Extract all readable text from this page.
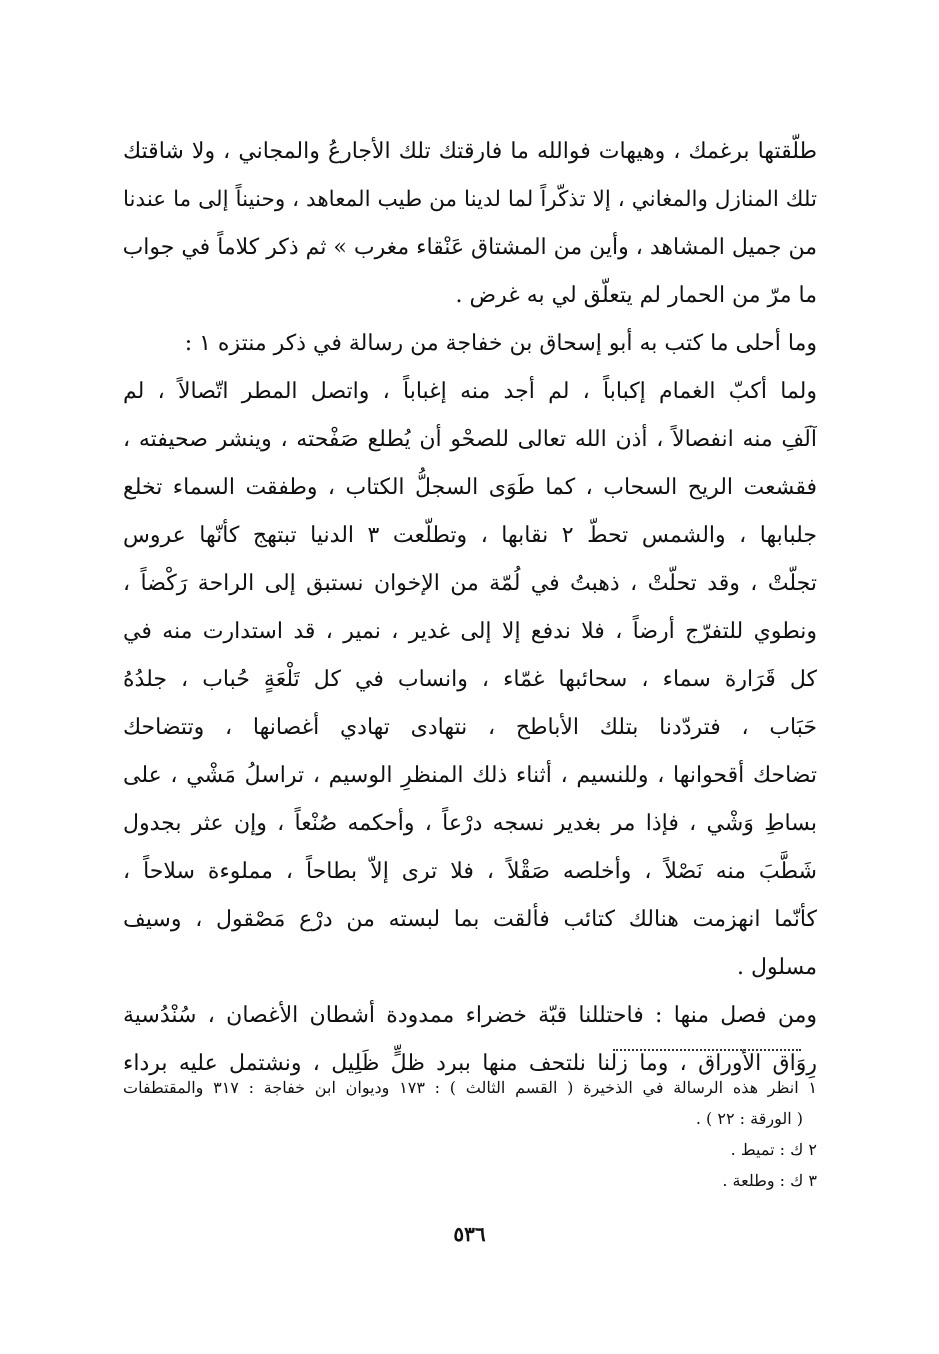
طلّقتها برغمك ، وهيهات فوالله ما فارقتك تلك الأجارعُ والمجاني ، ولا شاقتك
تلك المنازل والمغاني ، إلا تذكّراً لما لدينا من طيب المعاهد ، وحنيناً إلى ما عندنا
من جميل المشاهد ، وأين من المشتاق عَنْقاء مغرب » ثم ذكر كلاماً في جواب
ما مرّ من الحمار لم يتعلّق لي به غرض .
وما أحلى ما كتب به أبو إسحاق بن خفاجة من رسالة في ذكر منتزه ١ :
ولما أكبّ الغمام إكباباً ، لم أجد منه إغباباً ، واتصل المطر اتّصالاً ، لم
آلَفِ منه انفصالاً ، أذن الله تعالى للصحْو أن يُطلع صَفْحته ، وينشر صحيفته ،
فقشعت الريح السحاب ، كما طَوَى السجلُّ الكتاب ، وطفقت السماء تخلع
جلبابها ، والشمس تحطّ ٢ نقابها ، وتطلّعت ٣ الدنيا تبتهج كأنّها عروس
تجلّتْ ، وقد تحلّتْ ، ذهبتُ في لُمّة من الإخوان نستبق إلى الراحة رَكْضاً ،
ونطوي للتفرّج أرضاً ، فلا ندفع إلا إلى غدير ، نمير ، قد استدارت منه في
كل قَرَارة سماء ، سحائبها غمّاء ، وانساب في كل تَلْعَةٍ حُباب ، جلدُهُ
حَبَاب ، فتردّدنا بتلك الأباطح ، نتهادى تهادي أغصانها ، وتتضاحك
تضاحك أقحوانها ، وللنسيم ، أثناء ذلك المنظرِ الوسيم ، تراسلُ مَشْي ، على
بساطِ وَشْي ، فإذا مر بغدير نسجه درْعاً ، وأحكمه صُنْعاً ، وإن عثر بجدول
شَطَّبَ منه نَصْلاً ، وأخلصه صَقْلاً ، فلا ترى إلاّ بطاحاً ، مملوءة سلاحاً ،
كأنّما انهزمت هنالك كتائب فألقت بما لبسته من درْع مَصْقول ، وسيف
مسلول .
ومن فصل منها : فاحتللنا قبّة خضراء ممدودة أشطان الأغصان ، سُنْدُسية
رِوَاق الأوراق ، وما زلنا نلتحف منها ببرد ظلٍّ ظَلِيل ، ونشتمل عليه برداء
١ انظر هذه الرسالة في الذخيرة ( القسم الثالث ) : ١٧٣ وديوان ابن خفاجة : ٣١٧ والمقتطفات
( الورقة : ٢٢ ) .
٢ ك : تميط .
٣ ك : وطلعة .
٥٣٦
